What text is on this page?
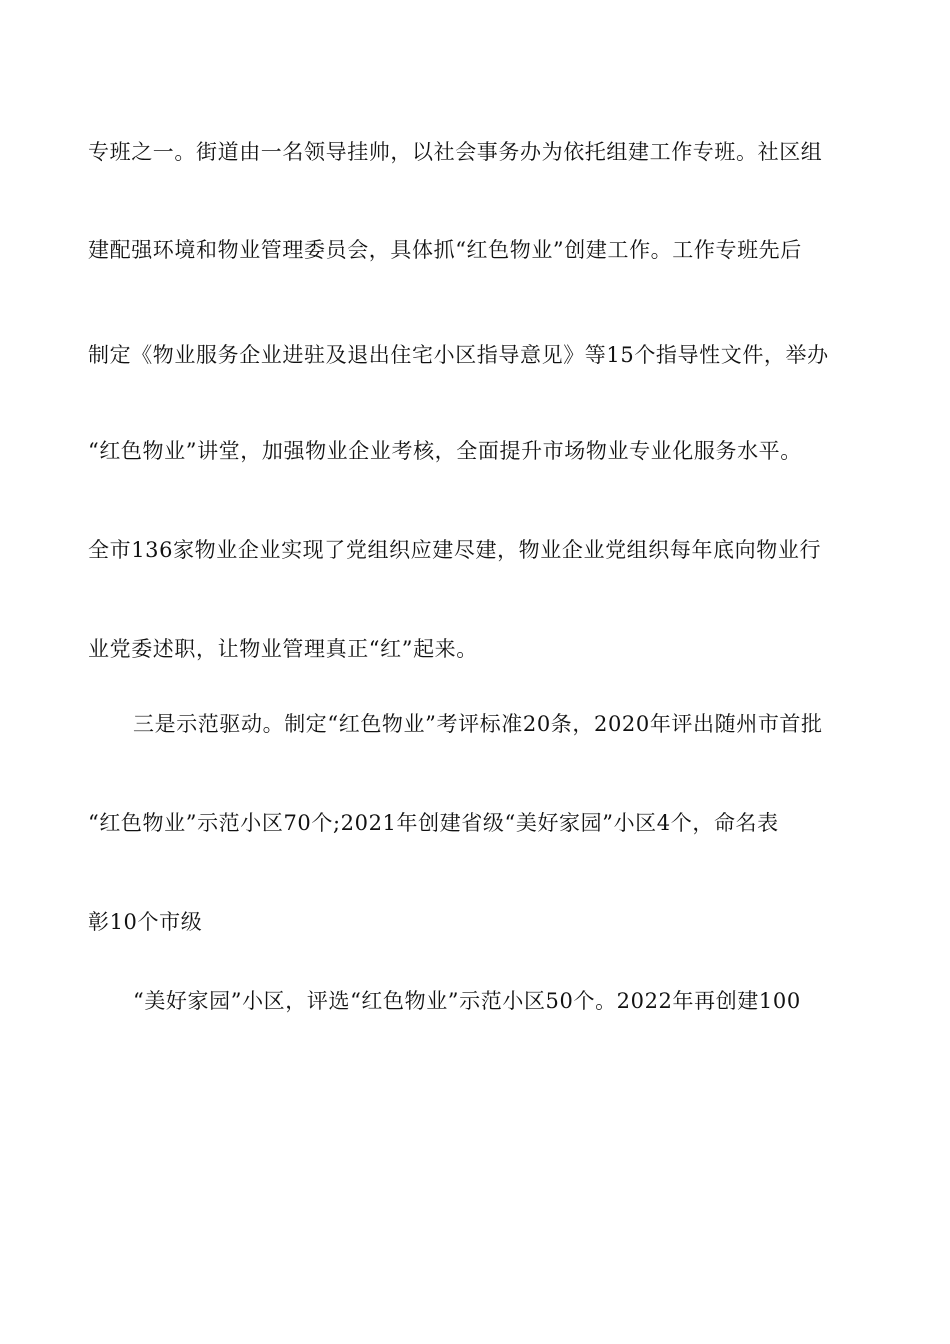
专班之一。街道由一名领导挂帅，以社会事务办为依托组建工作专班。社区组
建配强环境和物业管理委员会，具体抓“红色物业”创建工作。工作专班先后
制定《物业服务企业进驻及退出住宅小区指导意见》等15个指导性文件，举办
“红色物业”讲堂，加强物业企业考核，全面提升市场物业专业化服务水平。
全市136家物业企业实现了党组织应建尽建，物业企业党组织每年底向物业行
业党委述职，让物业管理真正“红”起来。
三是示范驱动。制定“红色物业”考评标准20条，2020年评出随州市首批
“红色物业”示范小区70个;2021年创建省级“美好家园”小区4个，命名表
彰10个市级
“美好家园”小区，评选“红色物业”示范小区50个。2022年再创建100
